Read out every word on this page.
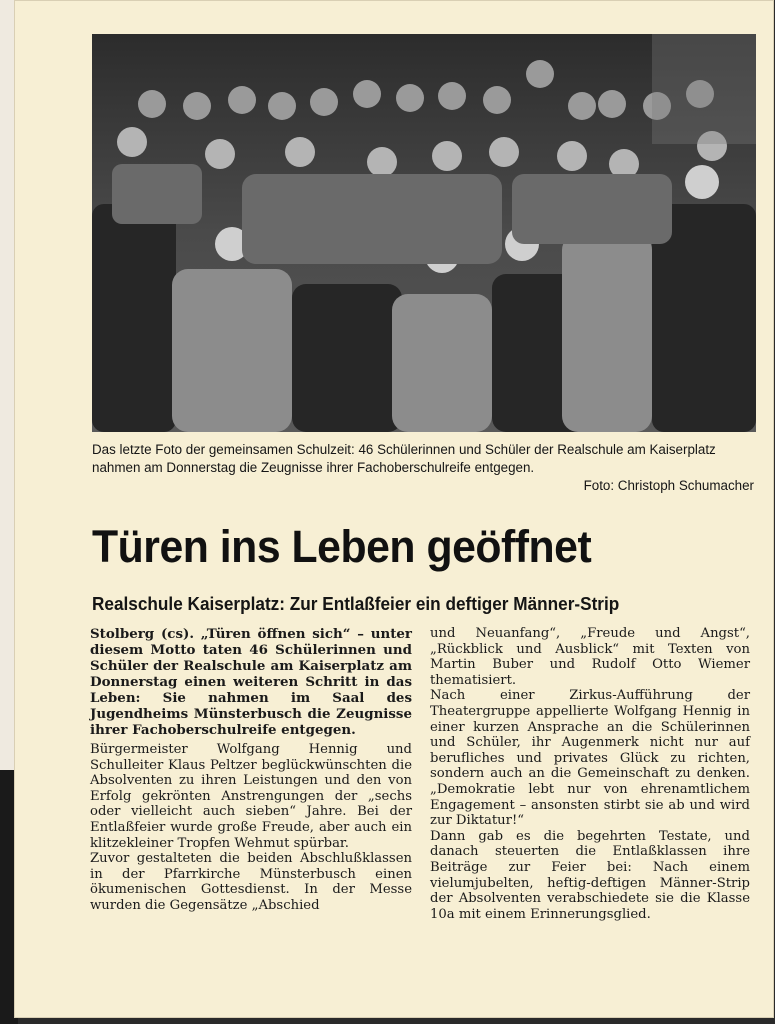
Das letzte Foto der gemeinsamen Schulzeit: 46 Schülerinnen und Schüler der Realschule am Kaiserplatz nahmen am Donnerstag die Zeugnisse ihrer Fachoberschulreife entgegen.
Foto: Christoph Schumacher
Türen ins Leben geöffnet
Realschule Kaiserplatz: Zur Entlaßfeier ein deftiger Männer-Strip

Stolberg (cs). „Türen öffnen sich“ – unter diesem Motto taten 46 Schülerinnen und Schüler der Realschule am Kaiserplatz am Donnerstag einen weiteren Schritt in das Leben: Sie nahmen im Saal des Jugendheims Münsterbusch die Zeugnisse ihrer Fachoberschulreife entgegen.

Bürgermeister Wolfgang Hennig und Schulleiter Klaus Peltzer beglückwünschten die Absolventen zu ihren Leistungen und den von Erfolg gekrönten Anstrengungen der „sechs oder vielleicht auch sieben“ Jahre. Bei der Entlaßfeier wurde große Freude, aber auch ein klitzekleiner Tropfen Wehmut spürbar.

Zuvor gestalteten die beiden Abschlußklassen in der Pfarrkirche Münsterbusch einen ökumenischen Gottesdienst. In der Messe wurden die Gegensätze „Abschied

und Neuanfang“, „Freude und Angst“, „Rückblick und Ausblick“ mit Texten von Martin Buber und Rudolf Otto Wiemer thematisiert.

Nach einer Zirkus-Aufführung der Theatergruppe appellierte Wolfgang Hennig in einer kurzen Ansprache an die Schülerinnen und Schüler, ihr Augenmerk nicht nur auf berufliches und privates Glück zu richten, sondern auch an die Gemeinschaft zu denken. „Demokratie lebt nur von ehrenamtlichem Engagement – ansonsten stirbt sie ab und wird zur Diktatur!“

Dann gab es die begehrten Testate, und danach steuerten die Entlaßklassen ihre Beiträge zur Feier bei: Nach einem vielumjubelten, heftig-deftigen Männer-Strip der Absolventen verabschiedete sie die Klasse 10a mit einem Erinnerungsglied.
